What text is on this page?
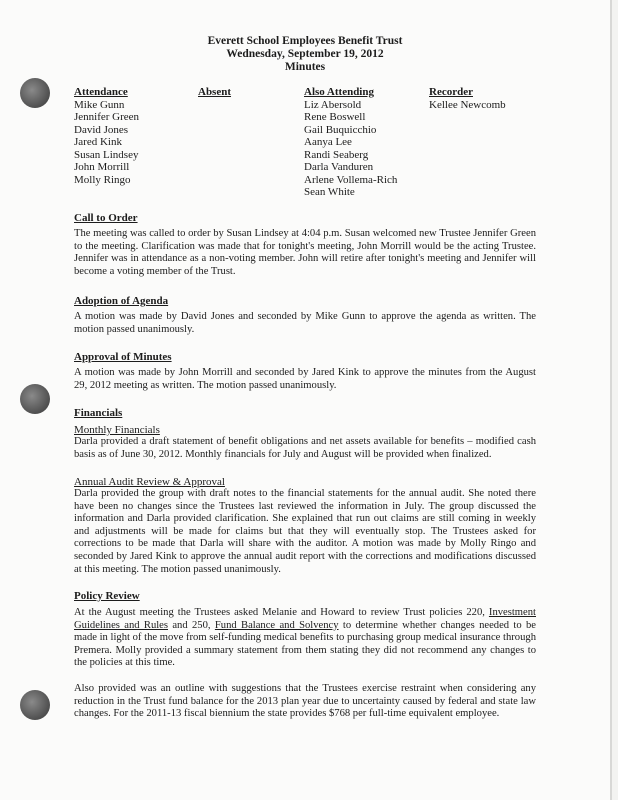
Everett School Employees Benefit Trust
Wednesday, September 19, 2012
Minutes
Attendance
Mike Gunn
Jennifer Green
David Jones
Jared Kink
Susan Lindsey
John Morrill
Molly Ringo
Absent	Also Attending
Liz Abersold
Rene Boswell
Gail Buquicchio
Aanya Lee
Randi Seaberg
Darla Vanduren
Arlene Vollema-Rich
Sean White
Recorder
Kellee Newcomb
Call to Order
The meeting was called to order by Susan Lindsey at 4:04 p.m. Susan welcomed new Trustee Jennifer Green to the meeting. Clarification was made that for tonight's meeting, John Morrill would be the acting Trustee. Jennifer was in attendance as a non-voting member. John will retire after tonight's meeting and Jennifer will become a voting member of the Trust.
Adoption of Agenda
A motion was made by David Jones and seconded by Mike Gunn to approve the agenda as written. The motion passed unanimously.
Approval of Minutes
A motion was made by John Morrill and seconded by Jared Kink to approve the minutes from the August 29, 2012 meeting as written. The motion passed unanimously.
Financials
Monthly Financials
Darla provided a draft statement of benefit obligations and net assets available for benefits – modified cash basis as of June 30, 2012. Monthly financials for July and August will be provided when finalized.
Annual Audit Review & Approval
Darla provided the group with draft notes to the financial statements for the annual audit. She noted there have been no changes since the Trustees last reviewed the information in July. The group discussed the information and Darla provided clarification. She explained that run out claims are still coming in weekly and adjustments will be made for claims but that they will eventually stop. The Trustees asked for corrections to be made that Darla will share with the auditor. A motion was made by Molly Ringo and seconded by Jared Kink to approve the annual audit report with the corrections and modifications discussed at this meeting. The motion passed unanimously.
Policy Review
At the August meeting the Trustees asked Melanie and Howard to review Trust policies 220, Investment Guidelines and Rules and 250, Fund Balance and Solvency to determine whether changes needed to be made in light of the move from self-funding medical benefits to purchasing group medical insurance through Premera. Molly provided a summary statement from them stating they did not recommend any changes to the policies at this time.
Also provided was an outline with suggestions that the Trustees exercise restraint when considering any reduction in the Trust fund balance for the 2013 plan year due to uncertainty caused by federal and state law changes. For the 2011-13 fiscal biennium the state provides $768 per full-time equivalent employee.
